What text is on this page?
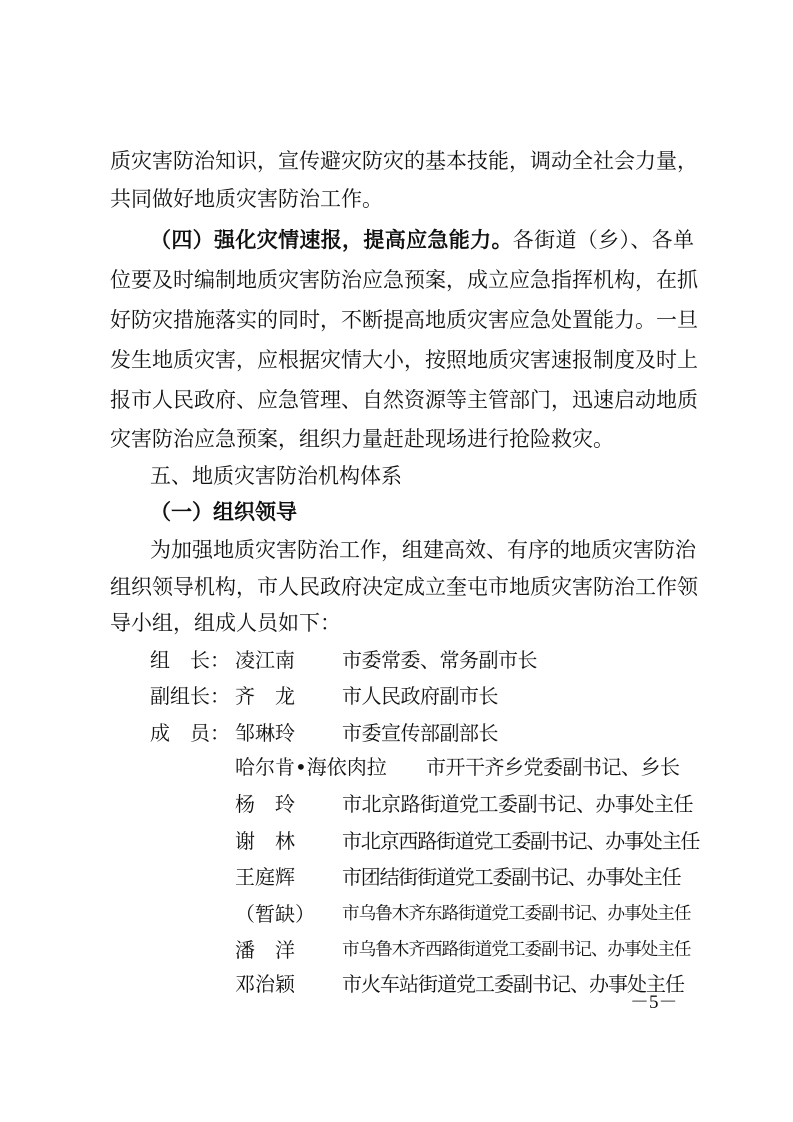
质灾害防治知识，宣传避灾防灾的基本技能，调动全社会力量，
共同做好地质灾害防治工作。
（四）强化灾情速报，提高应急能力。各街道（乡）、各单
位要及时编制地质灾害防治应急预案，成立应急指挥机构，在抓
好防灾措施落实的同时，不断提高地质灾害应急处置能力。一旦
发生地质灾害，应根据灾情大小，按照地质灾害速报制度及时上
报市人民政府、应急管理、自然资源等主管部门，迅速启动地质
灾害防治应急预案，组织力量赶赴现场进行抢险救灾。
五、地质灾害防治机构体系
（一）组织领导
为加强地质灾害防治工作，组建高效、有序的地质灾害防治
组织领导机构，市人民政府决定成立奎屯市地质灾害防治工作领
导小组，组成人员如下：
组　长： 凌江南 市委常委、常务副市长
副组长： 齐　龙 市人民政府副市长
成　员： 邹琳玲 市委宣传部副部长
哈尔肯•海依肉拉 市开干齐乡党委副书记、乡长
杨　玲 市北京路街道党工委副书记、办事处主任
谢　林 市北京西路街道党工委副书记、办事处主任
王庭辉 市团结街街道党工委副书记、办事处主任
（暂缺） 市乌鲁木齐东路街道党工委副书记、办事处主任
潘　洋	市乌鲁木齐西路街道党工委副书记、办事处主任
邓治颖 市火车站街道党工委副书记、办事处主任
－5－
